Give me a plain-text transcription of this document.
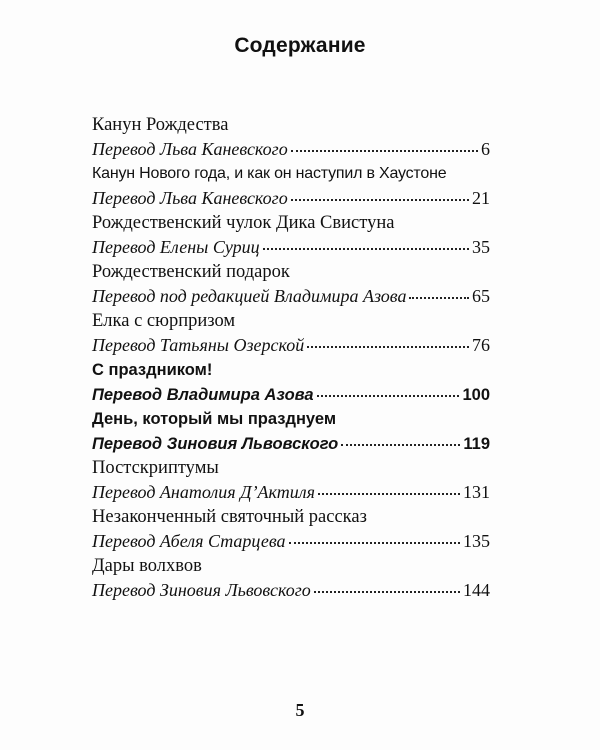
Содержание
Канун Рождества
Перевод Льва Каневского	6
Канун Нового года, и как он наступил в Хаустоне
Перевод Льва Каневского	21
Рождественский чулок Дика Свистуна
Перевод Елены Суриц	35
Рождественский подарок
Перевод под редакцией Владимира Азова	65
Елка с сюрпризом
Перевод Татьяны Озерской	76
С праздником!
Перевод Владимира Азова	100
День, который мы празднуем
Перевод Зиновия Львовского	119
Постскриптумы
Перевод Анатолия Д’Актиля	131
Незаконченный святочный рассказ
Перевод Абеля Старцева	135
Дары волхвов
Перевод Зиновия Львовского	144
5
